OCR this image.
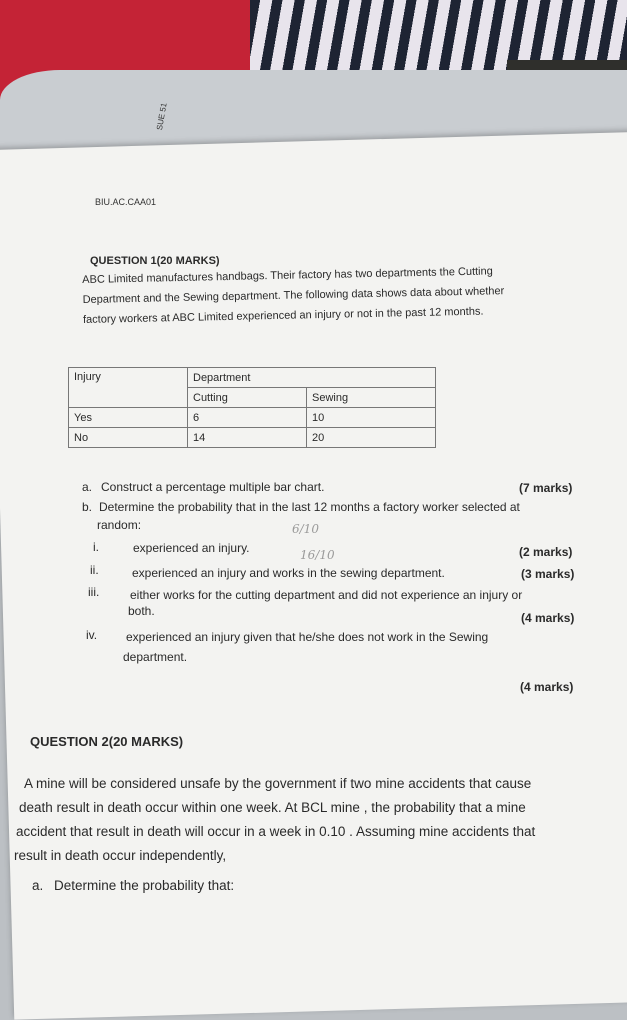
SUE 51
BIU.AC.CAA01
QUESTION 1(20 MARKS)
ABC Limited manufactures handbags. Their factory has two departments the Cutting
Department and the Sewing department. The following data shows data about whether
factory workers at ABC Limited experienced an injury or not in the past 12 months.
Injury	Department	
	Cutting	Sewing
Yes	6	10
No	14	20
a. Construct a percentage multiple bar chart.	(7 marks)
b. Determine the probability that in the last 12 months a factory worker selected at
random:
i.	experienced an injury.	(2 marks)
ii.	experienced an injury and works in the sewing department.	(3 marks)
iii.	either works for the cutting department and did not experience an injury or
both.	(4 marks)
iv. experienced an injury given that he/she does not work in the Sewing
department.
(4 marks)
6/10
16/10
QUESTION 2(20 MARKS)
A mine will be considered unsafe by the government if two mine accidents that cause
death result in death occur within one week. At BCL mine , the probability that a mine
accident that result in death will occur in a week in 0.10 . Assuming mine accidents that
result in death occur independently,
a. Determine the probability that:
